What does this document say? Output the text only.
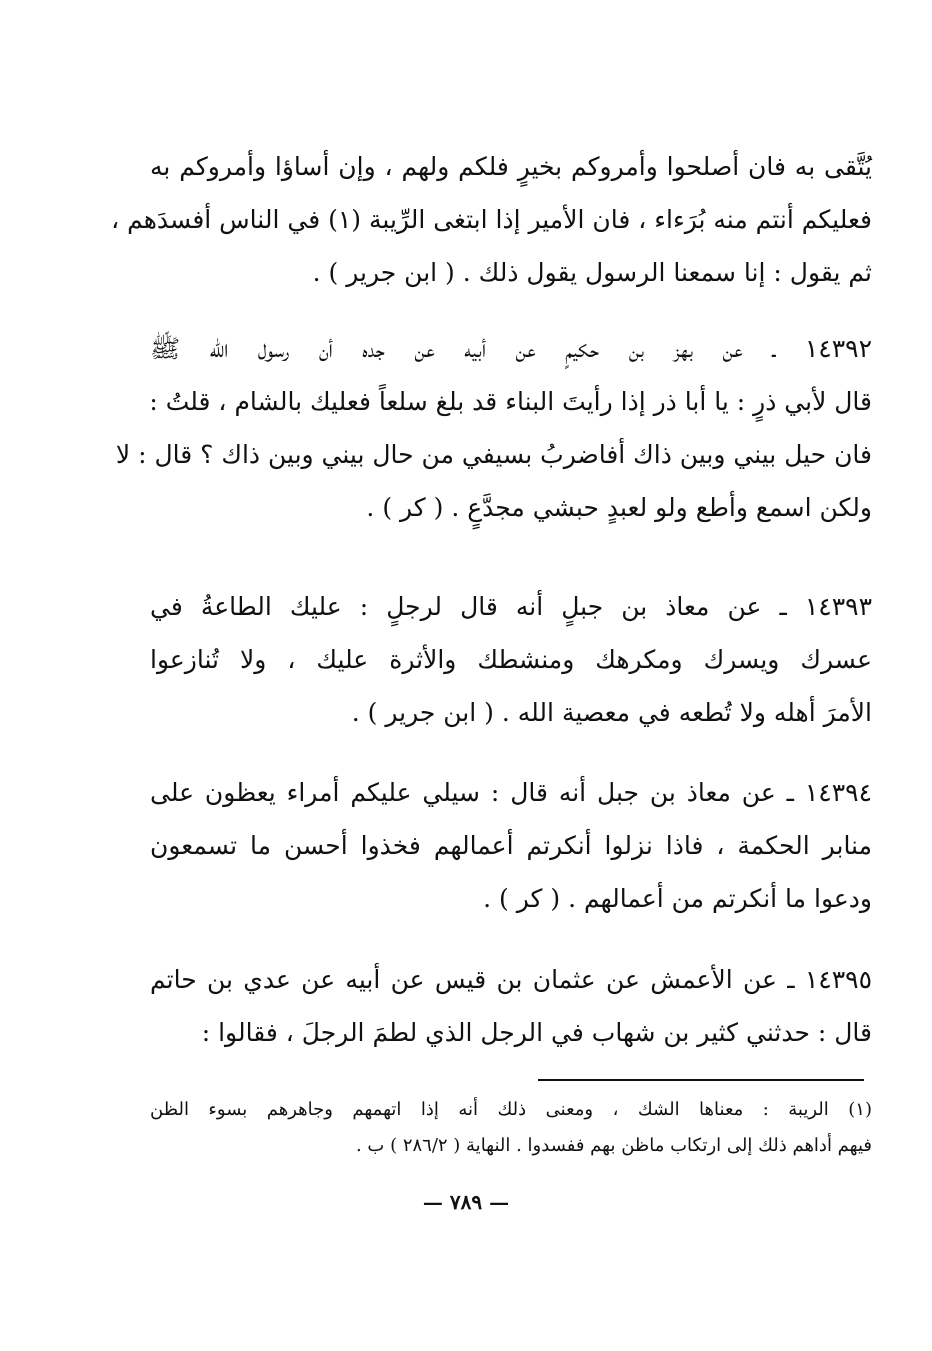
يُتَّقى به فان أصلحوا وأمروكم بخيرٍ فلكم ولهم ، وإن أساؤا وأمروكم به
فعليكم أنتم منه بُرَءاء ، فان الأمير إذا ابتغى الرِّيبة (١) في الناس أفسدَهم ،
ثم يقول : إنا سمعنا الرسول يقول ذلك . ( ابن جرير ) .
١٤٣٩٢ ـ عن بهز بن حكيمٍ عن أبيه عن جده أن رسول الله ﷺ
قال لأبي ذرٍ : يا أبا ذر إذا رأيتَ البناء قد بلغ سلعاً فعليك بالشام ، قلتُ :
فان حيل بيني وبين ذاك أفاضربُ بسيفي من حال بيني وبين ذاك ؟ قال : لا
ولكن اسمع وأطع ولو لعبدٍ حبشي مجدَّعٍ . ( كر ) .
١٤٣٩٣ ـ عن معاذ بن جبلٍ أنه قال لرجلٍ : عليك الطاعةُ في
عسرك ويسرك ومكرهك ومنشطك والأثرة عليك ، ولا تُنازعوا
الأمرَ أهله ولا تُطعه في معصية الله . ( ابن جرير ) .
١٤٣٩٤ ـ عن معاذ بن جبل أنه قال : سيلي عليكم أمراء يعظون على
منابر الحكمة ، فاذا نزلوا أنكرتم أعمالهم فخذوا أحسن ما تسمعون
ودعوا ما أنكرتم من أعمالهم . ( كر ) .
١٤٣٩٥ ـ عن الأعمش عن عثمان بن قيس عن أبيه عن عدي بن حاتم
قال : حدثني كثير بن شهاب في الرجل الذي لطمَ الرجلَ ، فقالوا :
(١) الريبة : معناها الشك ، ومعنى ذلك أنه إذا اتهمهم وجاهرهم بسوء الظن
فيهم أداهم ذلك إلى ارتكاب ماظن بهم ففسدوا . النهاية ( ٢٨٦/٢ ) ب .
— ٧٨٩ —
